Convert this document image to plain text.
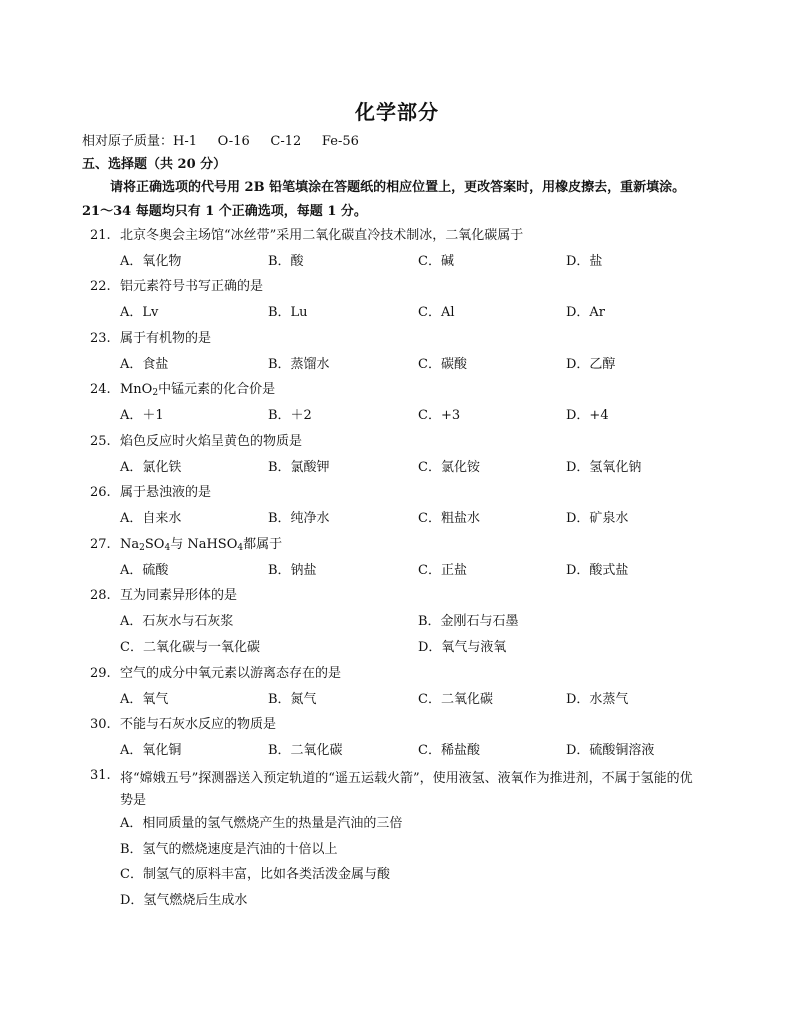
化学部分
相对原子质量：H-1     O-16     C-12     Fe-56
五、选择题（共 20 分）
请将正确选项的代号用 2B 铅笔填涂在答题纸的相应位置上，更改答案时，用橡皮擦去，重新填涂。
21～34 每题均只有 1 个正确选项，每题 1 分。
21. 北京冬奥会主场馆“冰丝带”采用二氧化碳直冷技术制冰，二氧化碳属于
A．氧化物	B．酸	C．碱	D．盐
22. 铝元素符号书写正确的是
A．Lv	B．Lu	C．Al	D．Ar
23. 属于有机物的是
A．食盐	B．蒸馏水	C．碳酸	D．乙醇
24. MnO$_2$中锰元素的化合价是
A．＋1	B．＋2	C．+3	D．+4
25. 焰色反应时火焰呈黄色的物质是
A．氯化铁	B．氯酸钾	C．氯化铵	D．氢氧化钠
26. 属于悬浊液的是
A．自来水	B．纯净水	C．粗盐水	D．矿泉水
27. $Na_2SO_4$与 NaHSO$_4$都属于
A．硫酸	B．钠盐	C．正盐	D．酸式盐
28. 互为同素异形体的是
A．石灰水与石灰浆	B．金刚石与石墨
C．二氧化碳与一氧化碳	D．氧气与液氧
29. 空气的成分中氧元素以游离态存在的是
A．氧气	B．氮气	C．二氧化碳	D．水蒸气
30. 不能与石灰水反应的物质是
A．氧化铜	B．二氧化碳	C．稀盐酸	D．硫酸铜溶液
31. 将“嫦娥五号”探测器送入预定轨道的“遥五运载火箭”，使用液氢、液氧作为推进剂，不属于氢能的优势是
A．相同质量的氢气燃烧产生的热量是汽油的三倍
B．氢气的燃烧速度是汽油的十倍以上
C．制氢气的原料丰富，比如各类活泼金属与酸
D．氢气燃烧后生成水
